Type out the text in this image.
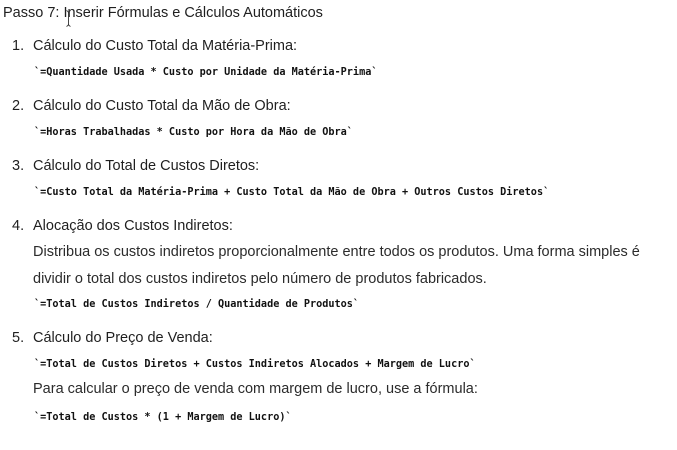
Passo 7: Inserir Fórmulas e Cálculos Automáticos
1. Cálculo do Custo Total da Matéria-Prima:
`=Quantidade Usada * Custo por Unidade da Matéria-Prima`
2. Cálculo do Custo Total da Mão de Obra:
`=Horas Trabalhadas * Custo por Hora da Mão de Obra`
3. Cálculo do Total de Custos Diretos:
`=Custo Total da Matéria-Prima + Custo Total da Mão de Obra + Outros Custos Diretos`
4. Alocação dos Custos Indiretos:
Distribua os custos indiretos proporcionalmente entre todos os produtos. Uma forma simples é dividir o total dos custos indiretos pelo número de produtos fabricados.
`=Total de Custos Indiretos / Quantidade de Produtos`
5. Cálculo do Preço de Venda:
`=Total de Custos Diretos + Custos Indiretos Alocados + Margem de Lucro`
Para calcular o preço de venda com margem de lucro, use a fórmula:
`=Total de Custos * (1 + Margem de Lucro)`
